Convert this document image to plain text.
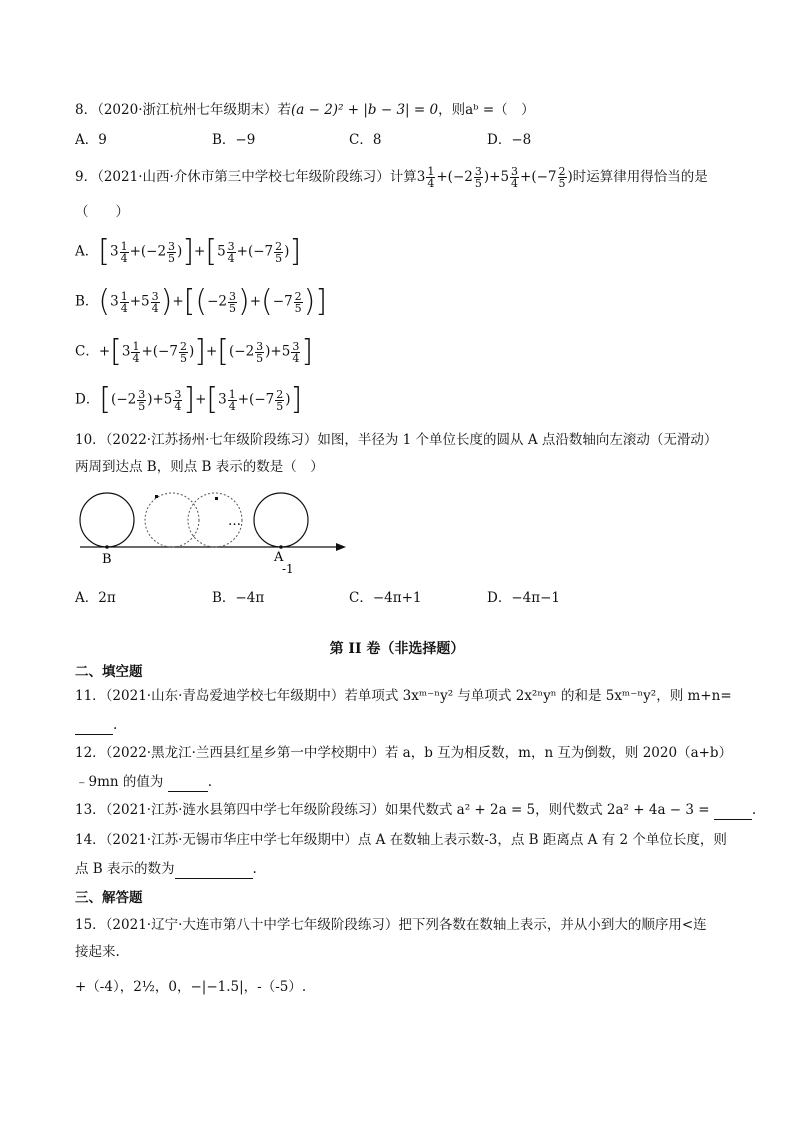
8．（2020·浙江杭州七年级期末）若(a − 2)² + |b − 3| = 0，则aᵇ =（　）
A．9	B．−9	C．8	D．−8
9．（2021·山西·介休市第三中学校七年级阶段练习）计算$3 \frac{1}{4} +(-2 \frac{3}{5} )+5 \frac{3}{4} +(-7 \frac{2}{5}$ )时运算律用得恰当的是
（　　）
A．$[3 \frac{1}{4} +(-2 \frac{3}{5} )]+[5 \frac{3}{4} +(-7 \frac{2}{5}$ )]
B．$(3 \frac{1}{4} +5 \frac{3}{4} )+[(-2 \frac{3}{5} )+(-7 \frac{2}{5}$ )]
C．$+[3 \frac{1}{4} +(-7 \frac{2}{5} )]+[(-2 \frac{3}{5} )+5 \frac{3}{4}$ ]
D．$[(-2 \frac{3}{5} )+5 \frac{3}{4} ]+[3 \frac{1}{4} +(-7 \frac{2}{5}$ )]
10．（2022·江苏扬州·七年级阶段练习）如图，半径为 1 个单位长度的圆从 A 点沿数轴向左滚动（无滑动）
两周到达点 B，则点 B 表示的数是（　）
…
B	A
-1
A．2π	B．−4π	C．−4π+1	D．−4π−1
第 II 卷（非选择题）
二、填空题
11．（2021·山东·青岛爱迪学校七年级期中）若单项式 3xᵐ⁻ⁿy² 与单项式 2x²ⁿyⁿ 的和是 5xᵐ⁻ⁿy²，则 m+n=
.
12．（2022·黑龙江·兰西县红星乡第一中学校期中）若 a，b 互为相反数，m，n 互为倒数，则 2020（a+b）
﹣9mn 的值为	.
13．（2021·江苏·涟水县第四中学七年级阶段练习）如果代数式 a² + 2a = 5，则代数式 2a² + 4a − 3 =	.
14．（2021·江苏·无锡市华庄中学七年级期中）点 A 在数轴上表示数-3，点 B 距离点 A 有 2 个单位长度，则
点 B 表示的数为	.
三、解答题
15．（2021·辽宁·大连市第八十中学七年级阶段练习）把下列各数在数轴上表示，并从小到大的顺序用<连
接起来.
+（-4），2½，0，−|−1.5|，-（-5）.
